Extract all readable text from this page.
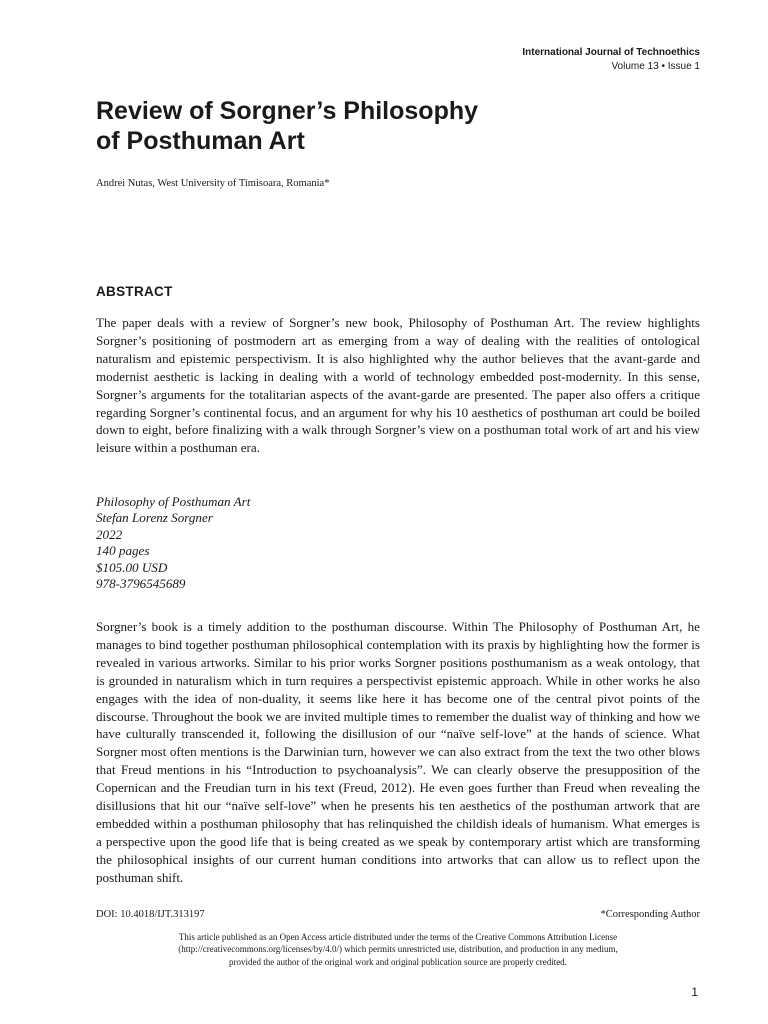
International Journal of Technoethics
Volume 13 • Issue 1
Review of Sorgner’s Philosophy
of Posthuman Art
Andrei Nutas, West University of Timisoara, Romania*
ABSTRACT

The paper deals with a review of Sorgner’s new book, Philosophy of Posthuman Art. The review highlights Sorgner’s positioning of postmodern art as emerging from a way of dealing with the realities of ontological naturalism and epistemic perspectivism. It is also highlighted why the author believes that the avant-garde and modernist aesthetic is lacking in dealing with a world of technology embedded post-modernity. In this sense, Sorgner’s arguments for the totalitarian aspects of the avant-garde are presented. The paper also offers a critique regarding Sorgner’s continental focus, and an argument for why his 10 aesthetics of posthuman art could be boiled down to eight, before finalizing with a walk through Sorgner’s view on a posthuman total work of art and his view leisure within a posthuman era.

Philosophy of Posthuman Art
Stefan Lorenz Sorgner
2022
140 pages
$105.00 USD
978-3796545689

Sorgner’s book is a timely addition to the posthuman discourse. Within The Philosophy of Posthuman Art, he manages to bind together posthuman philosophical contemplation with its praxis by highlighting how the former is revealed in various artworks. Similar to his prior works Sorgner positions posthumanism as a weak ontology, that is grounded in naturalism which in turn requires a perspectivist epistemic approach. While in other works he also engages with the idea of non-duality, it seems like here it has become one of the central pivot points of the discourse. Throughout the book we are invited multiple times to remember the dualist way of thinking and how we have culturally transcended it, following the disillusion of our “naïve self-love” at the hands of science. What Sorgner most often mentions is the Darwinian turn, however we can also extract from the text the two other blows that Freud mentions in his “Introduction to psychoanalysis”. We can clearly observe the presupposition of the Copernican and the Freudian turn in his text (Freud, 2012). He even goes further than Freud when revealing the disillusions that hit our “naïve self-love” when he presents his ten aesthetics of the posthuman artwork that are embedded within a posthuman philosophy that has relinquished the childish ideals of humanism. What emerges is a perspective upon the good life that is being created as we speak by contemporary artist which are transforming the philosophical insights of our current human conditions into artworks that can allow us to reflect upon the posthuman shift.

DOI: 10.4018/IJT.313197	*Corresponding Author
This article published as an Open Access article distributed under the terms of the Creative Commons Attribution License
(http://creativecommons.org/licenses/by/4.0/) which permits unrestricted use, distribution, and production in any medium,
provided the author of the original work and original publication source are properly credited.
1
